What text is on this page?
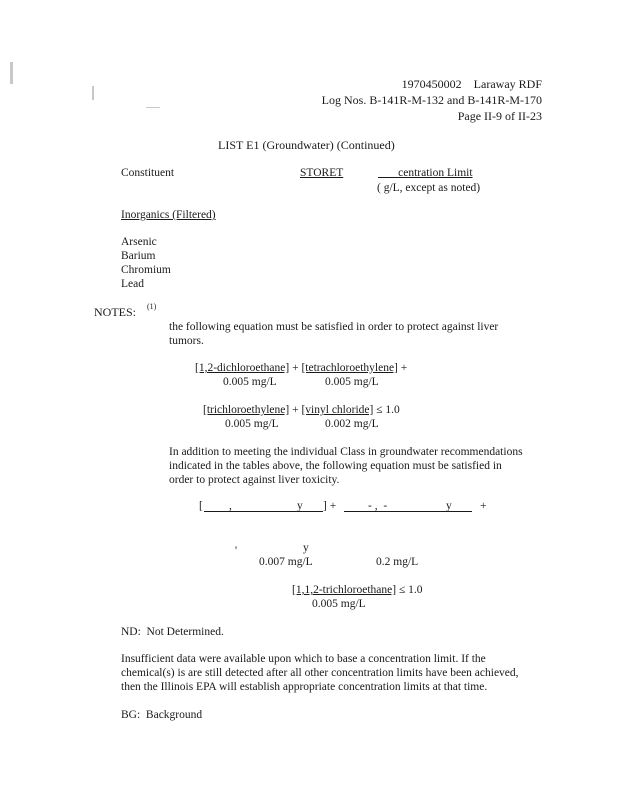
1970450002    Laraway RDF
Log Nos. B-141R-M-132 and B-141R-M-170
Page II-9 of II-23
LIST E1 (Groundwater) (Continued)
Constituent	STORET	centration Limit
( g/L, except as noted)
Inorganics (Filtered)
Arsenic
Barium
Chromium
Lead
NOTES: (1)
the following equation must be satisfied in order to protect against liver
tumors.
[1,2-dichloroethane] + [tetrachloroethylene] +
0.005 mg/L	0.005 mg/L
[trichloroethylene] + [vinyl chloride] ≤ 1.0
0.005 mg/L	0.002 mg/L
In addition to meeting the individual Class in groundwater recommendations
indicated in the tables above, the following equation must be satisfied in
order to protect against liver toxicity.
[ ,	y ] +	- ,  -	y +
'	y
0.007 mg/L	0.2 mg/L
[1,1,2-trichloroethane] ≤ 1.0
0.005 mg/L
ND:  Not Determined.
Insufficient data were available upon which to base a concentration limit. If the
chemical(s) is are still detected after all other concentration limits have been achieved,
then the Illinois EPA will establish appropriate concentration limits at that time.
BG:  Background
